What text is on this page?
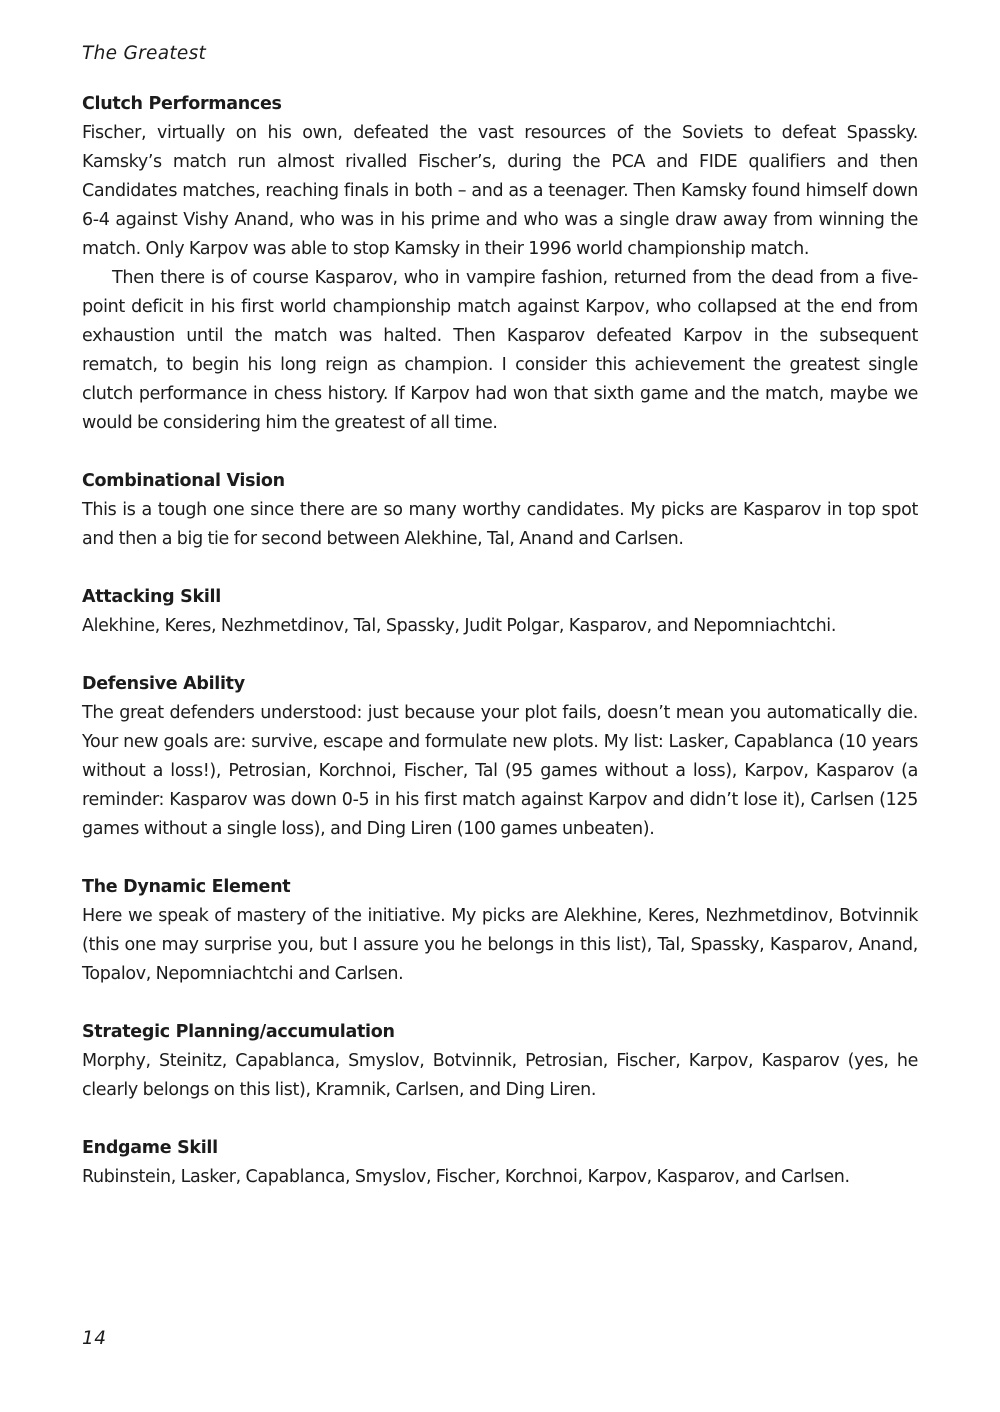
The Greatest
Clutch Performances

Fischer, virtually on his own, defeated the vast resources of the Soviets to defeat Spassky. Kamsky’s match run almost rivalled Fischer’s, during the PCA and FIDE qualifiers and then Candidates matches, reaching finals in both – and as a teenager. Then Kamsky found himself down 6-4 against Vishy Anand, who was in his prime and who was a single draw away from winning the match. Only Karpov was able to stop Kamsky in their 1996 world championship match.

Then there is of course Kasparov, who in vampire fashion, returned from the dead from a five-point deficit in his first world championship match against Karpov, who collapsed at the end from exhaustion until the match was halted. Then Kasparov defeated Karpov in the subsequent rematch, to begin his long reign as champion. I consider this achievement the greatest single clutch performance in chess history. If Karpov had won that sixth game and the match, maybe we would be considering him the greatest of all time.

Combinational Vision

This is a tough one since there are so many worthy candidates. My picks are Kasparov in top spot and then a big tie for second between Alekhine, Tal, Anand and Carlsen.

Attacking Skill

Alekhine, Keres, Nezhmetdinov, Tal, Spassky, Judit Polgar, Kasparov, and Nepomniachtchi.

Defensive Ability

The great defenders understood: just because your plot fails, doesn’t mean you automatically die. Your new goals are: survive, escape and formulate new plots. My list: Lasker, Capablanca (10 years without a loss!), Petrosian, Korchnoi, Fischer, Tal (95 games without a loss), Karpov, Kasparov (a reminder: Kasparov was down 0-5 in his first match against Karpov and didn’t lose it), Carlsen (125 games without a single loss), and Ding Liren (100 games unbeaten).

The Dynamic Element

Here we speak of mastery of the initiative. My picks are Alekhine, Keres, Nezhmetdinov, Botvinnik (this one may surprise you, but I assure you he belongs in this list), Tal, Spassky, Kasparov, Anand, Topalov, Nepomniachtchi and Carlsen.

Strategic Planning/accumulation

Morphy, Steinitz, Capablanca, Smyslov, Botvinnik, Petrosian, Fischer, Karpov, Kasparov (yes, he clearly belongs on this list), Kramnik, Carlsen, and Ding Liren.

Endgame Skill

Rubinstein, Lasker, Capablanca, Smyslov, Fischer, Korchnoi, Karpov, Kasparov, and Carlsen.

14
